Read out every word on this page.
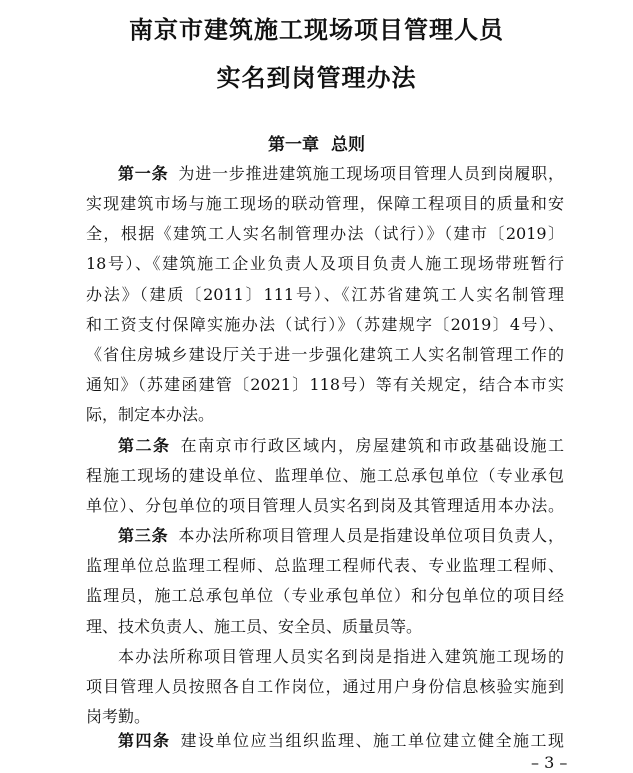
南京市建筑施工现场项目管理人员
实名到岗管理办法
第一章 总则
第一条 为进一步推进建筑施工现场项目管理人员到岗履职，
实现建筑市场与施工现场的联动管理，保障工程项目的质量和安
全，根据《建筑工人实名制管理办法（试行）》（建市〔2019〕
18号）、《建筑施工企业负责人及项目负责人施工现场带班暂行
办法》（建质〔2011〕111号）、《江苏省建筑工人实名制管理
和工资支付保障实施办法（试行）》（苏建规字〔2019〕4号）、
《省住房城乡建设厅关于进一步强化建筑工人实名制管理工作的
通知》（苏建函建管〔2021〕118号）等有关规定，结合本市实
际，制定本办法。
第二条 在南京市行政区域内，房屋建筑和市政基础设施工
程施工现场的建设单位、监理单位、施工总承包单位（专业承包
单位）、分包单位的项目管理人员实名到岗及其管理适用本办法。
第三条 本办法所称项目管理人员是指建设单位项目负责人，
监理单位总监理工程师、总监理工程师代表、专业监理工程师、
监理员，施工总承包单位（专业承包单位）和分包单位的项目经
理、技术负责人、施工员、安全员、质量员等。
本办法所称项目管理人员实名到岗是指进入建筑施工现场的
项目管理人员按照各自工作岗位，通过用户身份信息核验实施到
岗考勤。
第四条 建设单位应当组织监理、施工单位建立健全施工现
– 3 –
